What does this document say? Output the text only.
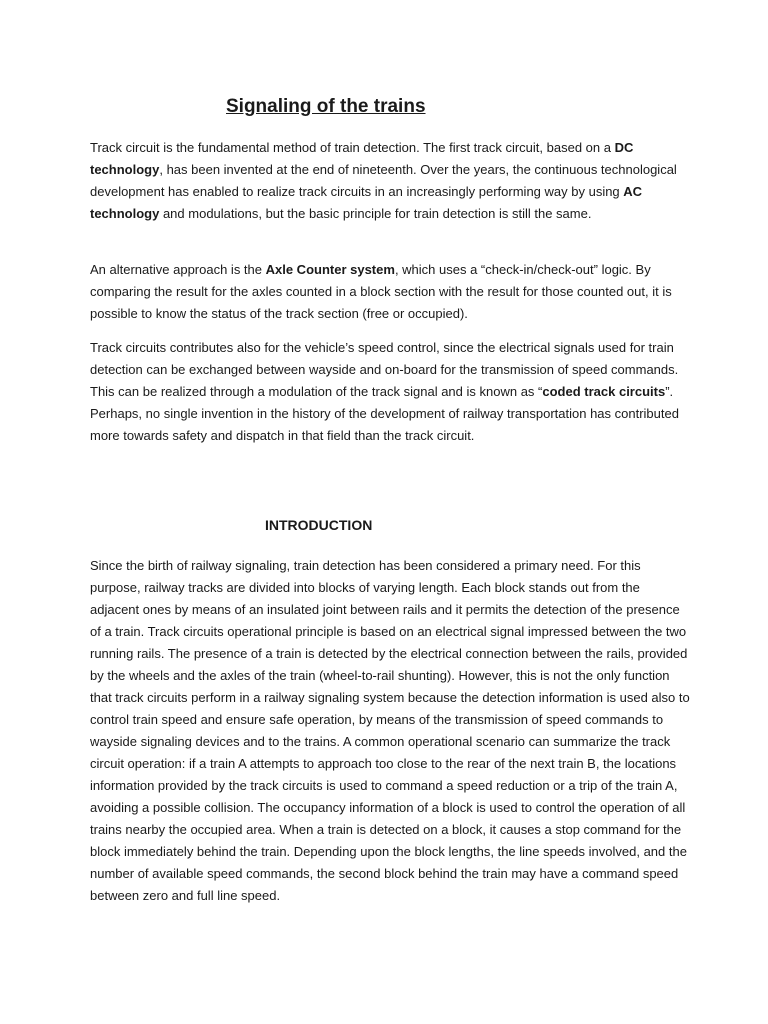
Signaling of the trains

Track circuit is the fundamental method of train detection. The first track circuit, based on a DC technology, has been invented at the end of nineteenth. Over the years, the continuous technological development has enabled to realize track circuits in an increasingly performing way by using AC technology and modulations, but the basic principle for train detection is still the same.

An alternative approach is the Axle Counter system, which uses a “check-in/check-out” logic. By comparing the result for the axles counted in a block section with the result for those counted out, it is possible to know the status of the track section (free or occupied).

Track circuits contributes also for the vehicle’s speed control, since the electrical signals used for train detection can be exchanged between wayside and on-board for the transmission of speed commands. This can be realized through a modulation of the track signal and is known as “coded track circuits”. Perhaps, no single invention in the history of the development of railway transportation has contributed more towards safety and dispatch in that field than the track circuit.

INTRODUCTION

Since the birth of railway signaling, train detection has been considered a primary need. For this purpose, railway tracks are divided into blocks of varying length. Each block stands out from the adjacent ones by means of an insulated joint between rails and it permits the detection of the presence of a train. Track circuits operational principle is based on an electrical signal impressed between the two running rails. The presence of a train is detected by the electrical connection between the rails, provided by the wheels and the axles of the train (wheel-to-rail shunting). However, this is not the only function that track circuits perform in a railway signaling system because the detection information is used also to control train speed and ensure safe operation, by means of the transmission of speed commands to wayside signaling devices and to the trains. A common operational scenario can summarize the track circuit operation: if a train A attempts to approach too close to the rear of the next train B, the locations information provided by the track circuits is used to command a speed reduction or a trip of the train A, avoiding a possible collision. The occupancy information of a block is used to control the operation of all trains nearby the occupied area. When a train is detected on a block, it causes a stop command for the block immediately behind the train. Depending upon the block lengths, the line speeds involved, and the number of available speed commands, the second block behind the train may have a command speed between zero and full line speed.
